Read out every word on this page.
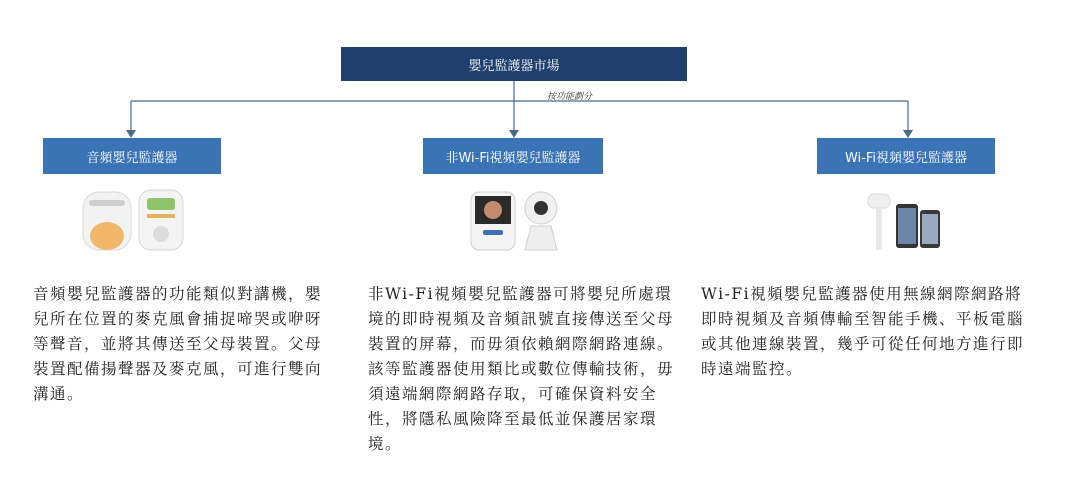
嬰兒監護器市場
按功能劃分
音頻嬰兒監護器	非Wi-Fi視頻嬰兒監護器	Wi-Fi視頻嬰兒監護器
音頻嬰兒監護器的功能類似對講機，嬰兒所在位置的麥克風會捕捉啼哭或咿呀等聲音，並將其傳送至父母裝置。父母裝置配備揚聲器及麥克風，可進行雙向溝通。
非Wi-Fi視頻嬰兒監護器可將嬰兒所處環境的即時視頻及音頻訊號直接傳送至父母裝置的屏幕，而毋須依賴網際網路連線。該等監護器使用類比或數位傳輸技術，毋須遠端網際網路存取，可確保資料安全性，將隱私風險降至最低並保護居家環境。
Wi-Fi視頻嬰兒監護器使用無線網際網路將即時視頻及音頻傳輸至智能手機、平板電腦或其他連線裝置，幾乎可從任何地方進行即時遠端監控。
